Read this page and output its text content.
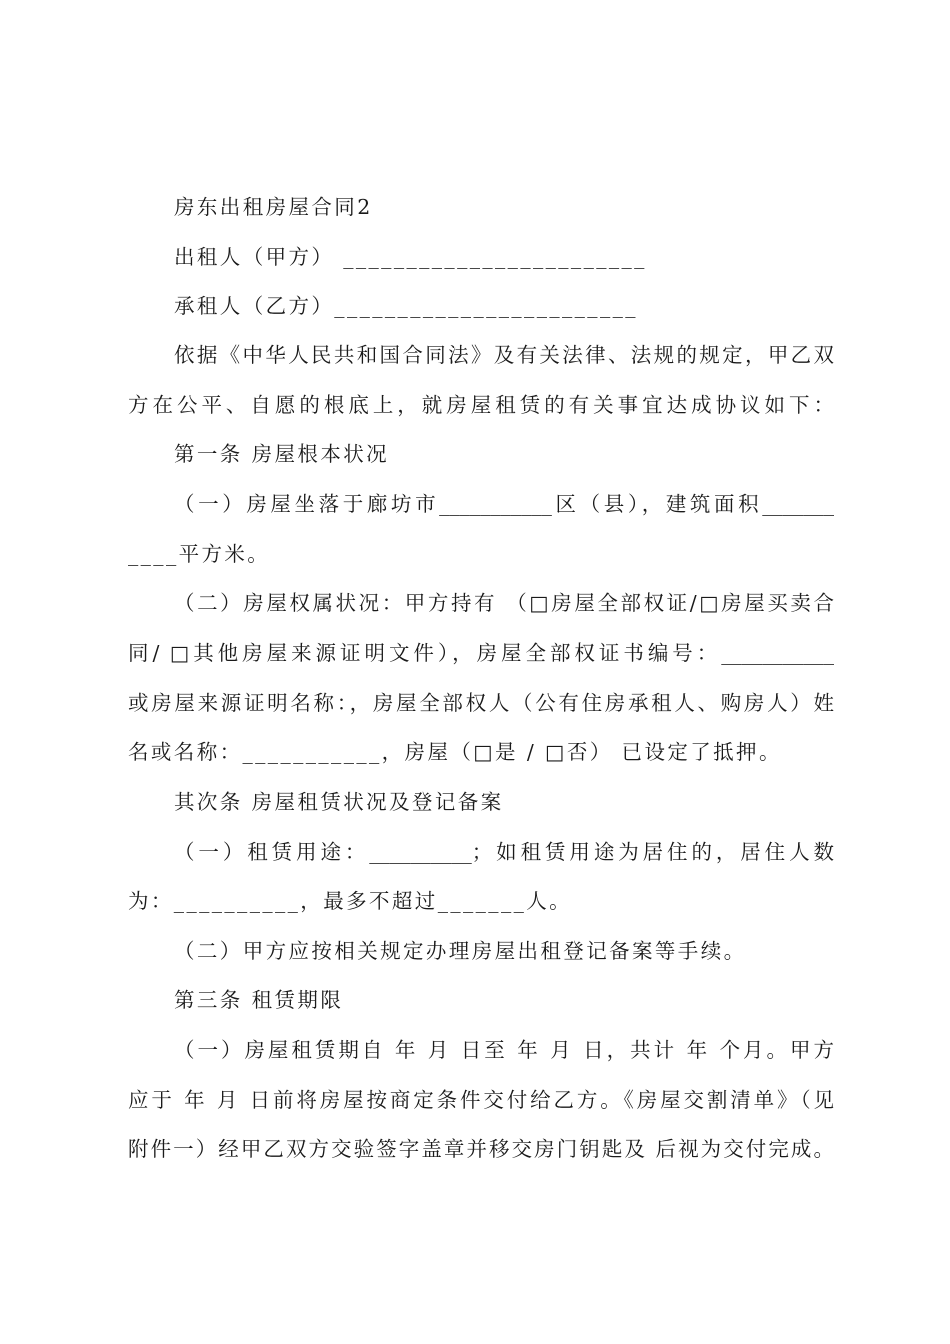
房东出租房屋合同2
出租人（甲方） ________________________
承租人（乙方）________________________
依据《中华人民共和国合同法》及有关法律、法规的规定，甲乙双
方在公平、自愿的根底上，就房屋租赁的有关事宜达成协议如下：
第一条 房屋根本状况
（一）房屋坐落于廊坊市___________区（县），建筑面积_______
____平方米。
（二）房屋权属状况：甲方持有 （□房屋全部权证/□房屋买卖合
同/ □其他房屋来源证明文件），房屋全部权证书编号：___________
或房屋来源证明名称：，房屋全部权人（公有住房承租人、购房人）姓
名或名称：___________，房屋（□是 / □否） 已设定了抵押。
其次条 房屋租赁状况及登记备案
（一）租赁用途：__________；如租赁用途为居住的，居住人数
为：__________，最多不超过_______人。
（二）甲方应按相关规定办理房屋出租登记备案等手续。
第三条 租赁期限
（一）房屋租赁期自 年 月 日至 年 月 日，共计 年 个月。甲方
应于 年 月 日前将房屋按商定条件交付给乙方。《房屋交割清单》（见
附件一）经甲乙双方交验签字盖章并移交房门钥匙及 后视为交付完成。
